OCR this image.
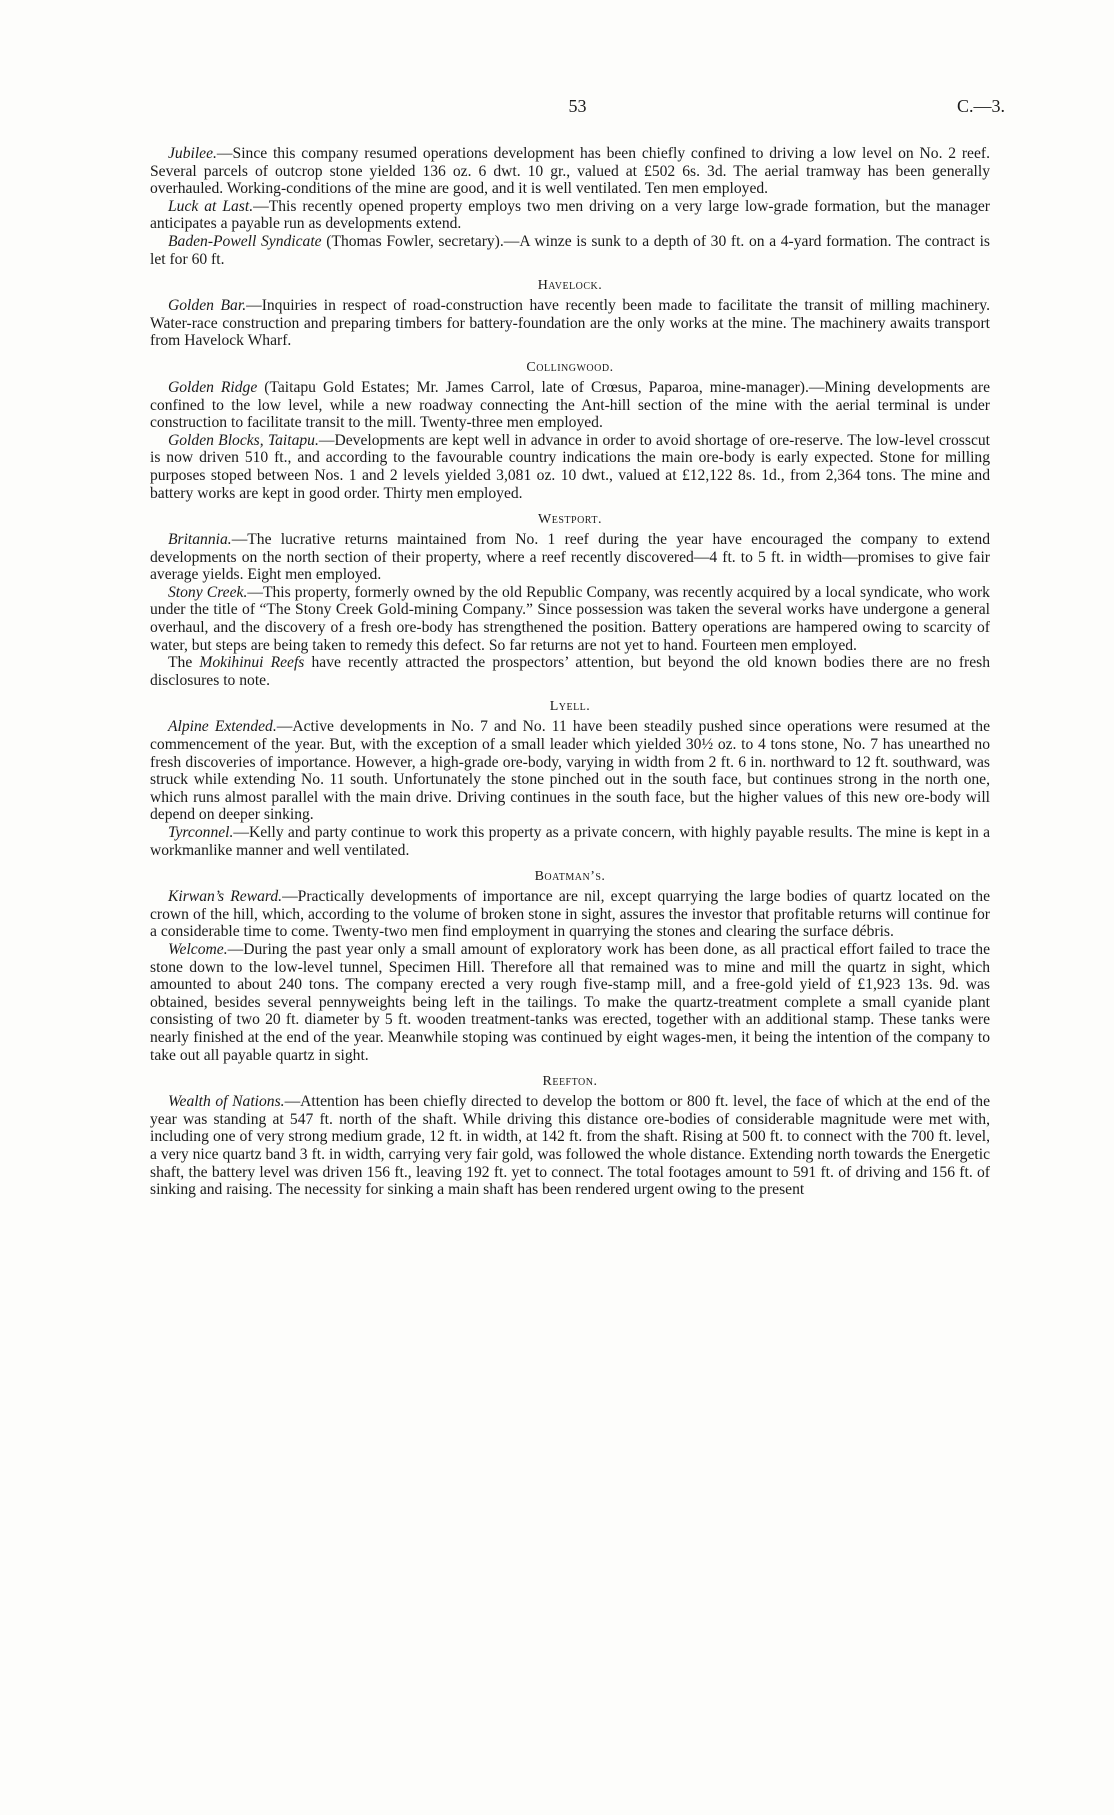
53	C.—3.

Jubilee.—Since this company resumed operations development has been chiefly confined to driving a low level on No. 2 reef. Several parcels of outcrop stone yielded 136 oz. 6 dwt. 10 gr., valued at £502 6s. 3d. The aerial tramway has been generally overhauled. Working-conditions of the mine are good, and it is well ventilated. Ten men employed.

Luck at Last.—This recently opened property employs two men driving on a very large low-grade formation, but the manager anticipates a payable run as developments extend.

Baden-Powell Syndicate (Thomas Fowler, secretary).—A winze is sunk to a depth of 30 ft. on a 4-yard formation. The contract is let for 60 ft.

Havelock.

Golden Bar.—Inquiries in respect of road-construction have recently been made to facilitate the transit of milling machinery. Water-race construction and preparing timbers for battery-foundation are the only works at the mine. The machinery awaits transport from Havelock Wharf.

Collingwood.

Golden Ridge (Taitapu Gold Estates; Mr. James Carrol, late of Crœsus, Paparoa, mine-manager).—Mining developments are confined to the low level, while a new roadway connecting the Ant-hill section of the mine with the aerial terminal is under construction to facilitate transit to the mill. Twenty-three men employed.

Golden Blocks, Taitapu.—Developments are kept well in advance in order to avoid shortage of ore-reserve. The low-level crosscut is now driven 510 ft., and according to the favourable country indications the main ore-body is early expected. Stone for milling purposes stoped between Nos. 1 and 2 levels yielded 3,081 oz. 10 dwt., valued at £12,122 8s. 1d., from 2,364 tons. The mine and battery works are kept in good order. Thirty men employed.

Westport.

Britannia.—The lucrative returns maintained from No. 1 reef during the year have encouraged the company to extend developments on the north section of their property, where a reef recently discovered—4 ft. to 5 ft. in width—promises to give fair average yields. Eight men employed.

Stony Creek.—This property, formerly owned by the old Republic Company, was recently acquired by a local syndicate, who work under the title of “The Stony Creek Gold-mining Company.” Since possession was taken the several works have undergone a general overhaul, and the discovery of a fresh ore-body has strengthened the position. Battery operations are hampered owing to scarcity of water, but steps are being taken to remedy this defect. So far returns are not yet to hand. Fourteen men employed.

The Mokihinui Reefs have recently attracted the prospectors’ attention, but beyond the old known bodies there are no fresh disclosures to note.

Lyell.

Alpine Extended.—Active developments in No. 7 and No. 11 have been steadily pushed since operations were resumed at the commencement of the year. But, with the exception of a small leader which yielded 30½ oz. to 4 tons stone, No. 7 has unearthed no fresh discoveries of importance. However, a high-grade ore-body, varying in width from 2 ft. 6 in. northward to 12 ft. southward, was struck while extending No. 11 south. Unfortunately the stone pinched out in the south face, but continues strong in the north one, which runs almost parallel with the main drive. Driving continues in the south face, but the higher values of this new ore-body will depend on deeper sinking.

Tyrconnel.—Kelly and party continue to work this property as a private concern, with highly payable results. The mine is kept in a workmanlike manner and well ventilated.

Boatman’s.

Kirwan’s Reward.—Practically developments of importance are nil, except quarrying the large bodies of quartz located on the crown of the hill, which, according to the volume of broken stone in sight, assures the investor that profitable returns will continue for a considerable time to come. Twenty-two men find employment in quarrying the stones and clearing the surface débris.

Welcome.—During the past year only a small amount of exploratory work has been done, as all practical effort failed to trace the stone down to the low-level tunnel, Specimen Hill. Therefore all that remained was to mine and mill the quartz in sight, which amounted to about 240 tons. The company erected a very rough five-stamp mill, and a free-gold yield of £1,923 13s. 9d. was obtained, besides several pennyweights being left in the tailings. To make the quartz-treatment complete a small cyanide plant consisting of two 20 ft. diameter by 5 ft. wooden treatment-tanks was erected, together with an additional stamp. These tanks were nearly finished at the end of the year. Meanwhile stoping was continued by eight wages-men, it being the intention of the company to take out all payable quartz in sight.

Reefton.

Wealth of Nations.—Attention has been chiefly directed to develop the bottom or 800 ft. level, the face of which at the end of the year was standing at 547 ft. north of the shaft. While driving this distance ore-bodies of considerable magnitude were met with, including one of very strong medium grade, 12 ft. in width, at 142 ft. from the shaft. Rising at 500 ft. to connect with the 700 ft. level, a very nice quartz band 3 ft. in width, carrying very fair gold, was followed the whole distance. Extending north towards the Energetic shaft, the battery level was driven 156 ft., leaving 192 ft. yet to connect. The total footages amount to 591 ft. of driving and 156 ft. of sinking and raising. The necessity for sinking a main shaft has been rendered urgent owing to the present
